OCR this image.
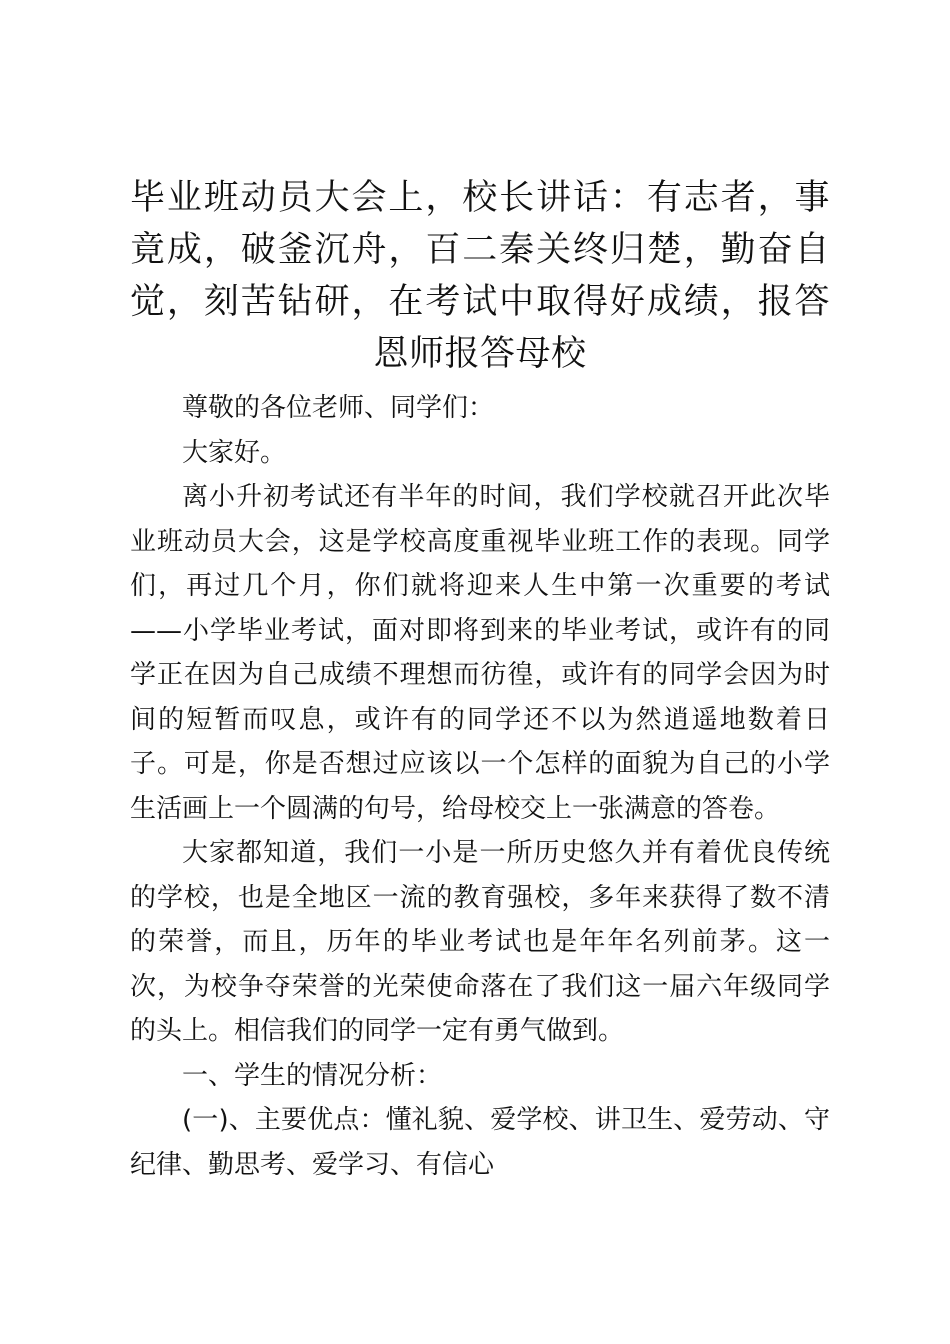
毕业班动员大会上，校长讲话：有志者，事竟成，破釜沉舟，百二秦关终归楚，勤奋自觉，刻苦钻研，在考试中取得好成绩，报答恩师报答母校

尊敬的各位老师、同学们：

大家好。

离小升初考试还有半年的时间，我们学校就召开此次毕业班动员大会，这是学校高度重视毕业班工作的表现。同学们，再过几个月，你们就将迎来人生中第一次重要的考试——小学毕业考试，面对即将到来的毕业考试，或许有的同学正在因为自己成绩不理想而彷徨，或许有的同学会因为时间的短暂而叹息，或许有的同学还不以为然逍遥地数着日子。可是，你是否想过应该以一个怎样的面貌为自己的小学生活画上一个圆满的句号，给母校交上一张满意的答卷。

大家都知道，我们一小是一所历史悠久并有着优良传统的学校，也是全地区一流的教育强校，多年来获得了数不清的荣誉，而且，历年的毕业考试也是年年名列前茅。这一次，为校争夺荣誉的光荣使命落在了我们这一届六年级同学的头上。相信我们的同学一定有勇气做到。

一、学生的情况分析：

(一)、主要优点：懂礼貌、爱学校、讲卫生、爱劳动、守纪律、勤思考、爱学习、有信心
